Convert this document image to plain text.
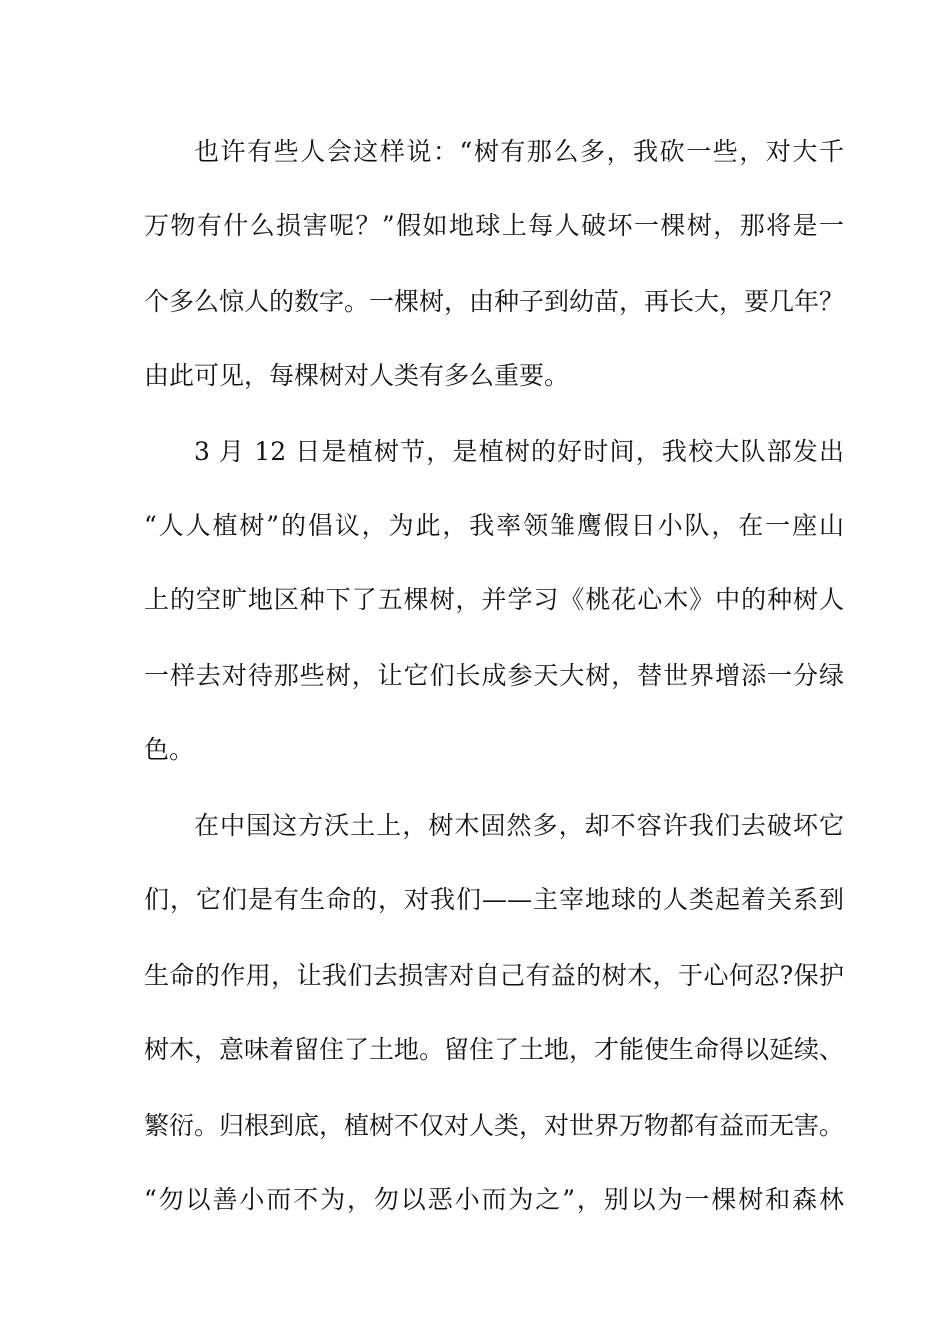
也许有些人会这样说：“树有那么多，我砍一些，对大千
万物有什么损害呢？”假如地球上每人破坏一棵树，那将是一
个多么惊人的数字。一棵树，由种子到幼苗，再长大，要几年？
由此可见，每棵树对人类有多么重要。
3 月 12 日是植树节，是植树的好时间，我校大队部发出
“人人植树”的倡议，为此，我率领雏鹰假日小队，在一座山
上的空旷地区种下了五棵树，并学习《桃花心木》中的种树人
一样去对待那些树，让它们长成参天大树，替世界增添一分绿
色。
在中国这方沃土上，树木固然多，却不容许我们去破坏它
们，它们是有生命的，对我们——主宰地球的人类起着关系到
生命的作用，让我们去损害对自己有益的树木，于心何忍?保护
树木，意味着留住了土地。留住了土地，才能使生命得以延续、
繁衍。归根到底，植树不仅对人类，对世界万物都有益而无害。
“勿以善小而不为，勿以恶小而为之”，别以为一棵树和森林
